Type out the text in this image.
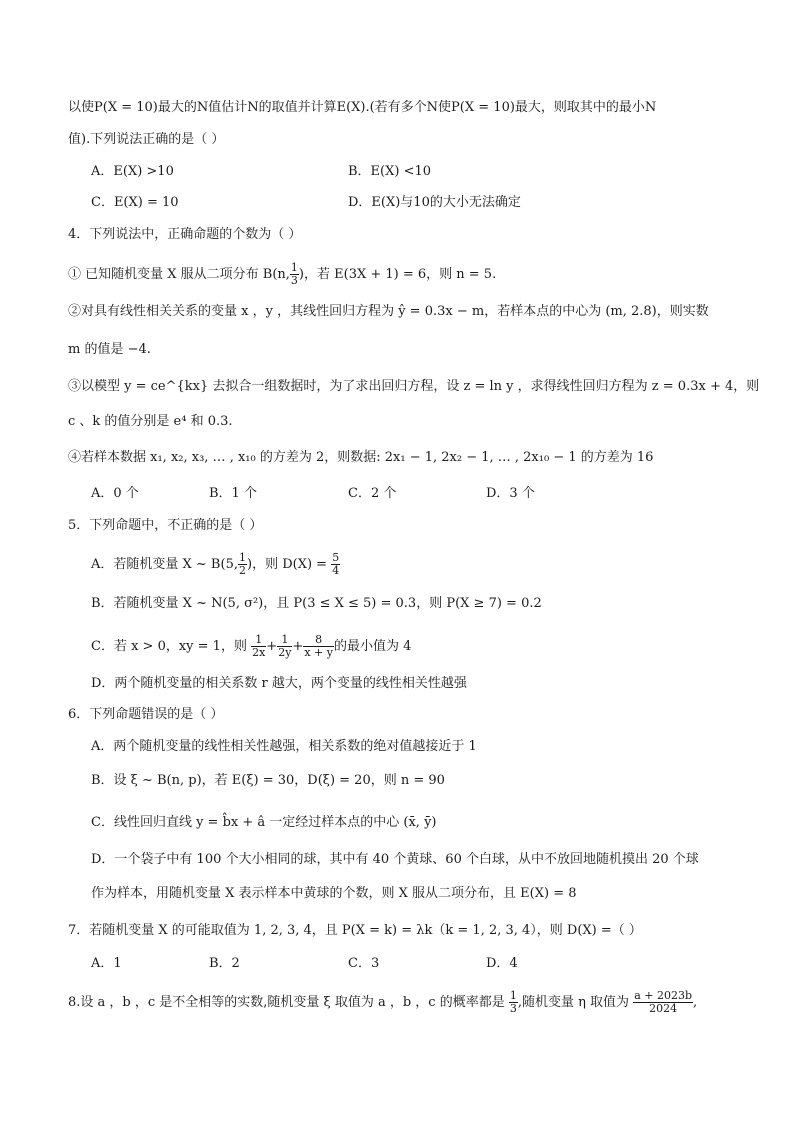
以使P(X = 10)最大的N值估计N的取值并计算E(X).(若有多个N使P(X = 10)最大，则取其中的最小N
值).下列说法正确的是（ ）
A．E(X) >10	B．E(X) <10
C．E(X) = 10	D．E(X)与10的大小无法确定
4．下列说法中，正确命题的个数为（ ）
① 已知随机变量 X 服从二项分布 B(n, $\frac{1}{3}$ )，若 E(3X + 1) = 6，则 n = 5.
②对具有线性相关关系的变量 x ，y ，其线性回归方程为 ŷ = 0.3x − m，若样本点的中心为 (m, 2.8)，则实数
m 的值是 −4.
③以模型 y = ce^{kx} 去拟合一组数据时，为了求出回归方程，设 z = ln y ，求得线性回归方程为 z = 0.3x + 4，则
c 、k 的值分别是 e⁴ 和 0.3.
④若样本数据 x₁, x₂, x₃, … , x₁₀ 的方差为 2，则数据: 2x₁ − 1, 2x₂ − 1, … , 2x₁₀ − 1 的方差为 16
A．0 个	B．1 个	C．2 个	D．3 个
5．下列命题中，不正确的是（ ）
A．若随机变量 X ~ B(5, $\frac{1}{2}$ )，则 $D(X) = \frac{5}{4}$
B．若随机变量 X ~ N(5, σ²)，且 P(3 ≤ X ≤ 5) = 0.3，则 P(X ≥ 7) = 0.2
C．若 x > 0，xy = 1，则 $\frac{1}{2x} + \frac{1}{2y} + \frac{8}{x + y}$ 的最小值为 4
D．两个随机变量的相关系数 r 越大，两个变量的线性相关性越强
6．下列命题错误的是（ ）
A．两个随机变量的线性相关性越强，相关系数的绝对值越接近于 1
B．设 ξ ~ B(n, p)，若 E(ξ) = 30，D(ξ) = 20，则 n = 90
C．线性回归直线 y = b̂x + â 一定经过样本点的中心 (x̄, ȳ)
D．一个袋子中有 100 个大小相同的球，其中有 40 个黄球、60 个白球，从中不放回地随机摸出 20 个球
作为样本，用随机变量 X 表示样本中黄球的个数，则 X 服从二项分布，且 E(X) = 8
7．若随机变量 X 的可能取值为 1, 2, 3, 4，且 P(X = k) = λk（k = 1, 2, 3, 4），则 D(X) =（ ）
A．1	B．2	C．3	D．4
8.设 a ，b ，c 是不全相等的实数,随机变量 ξ 取值为 a ，b ，c 的概率都是 $\frac{1}{3}$ ,随机变量 η 取值为 $\frac{a + 2023b}{2024}$ ,
